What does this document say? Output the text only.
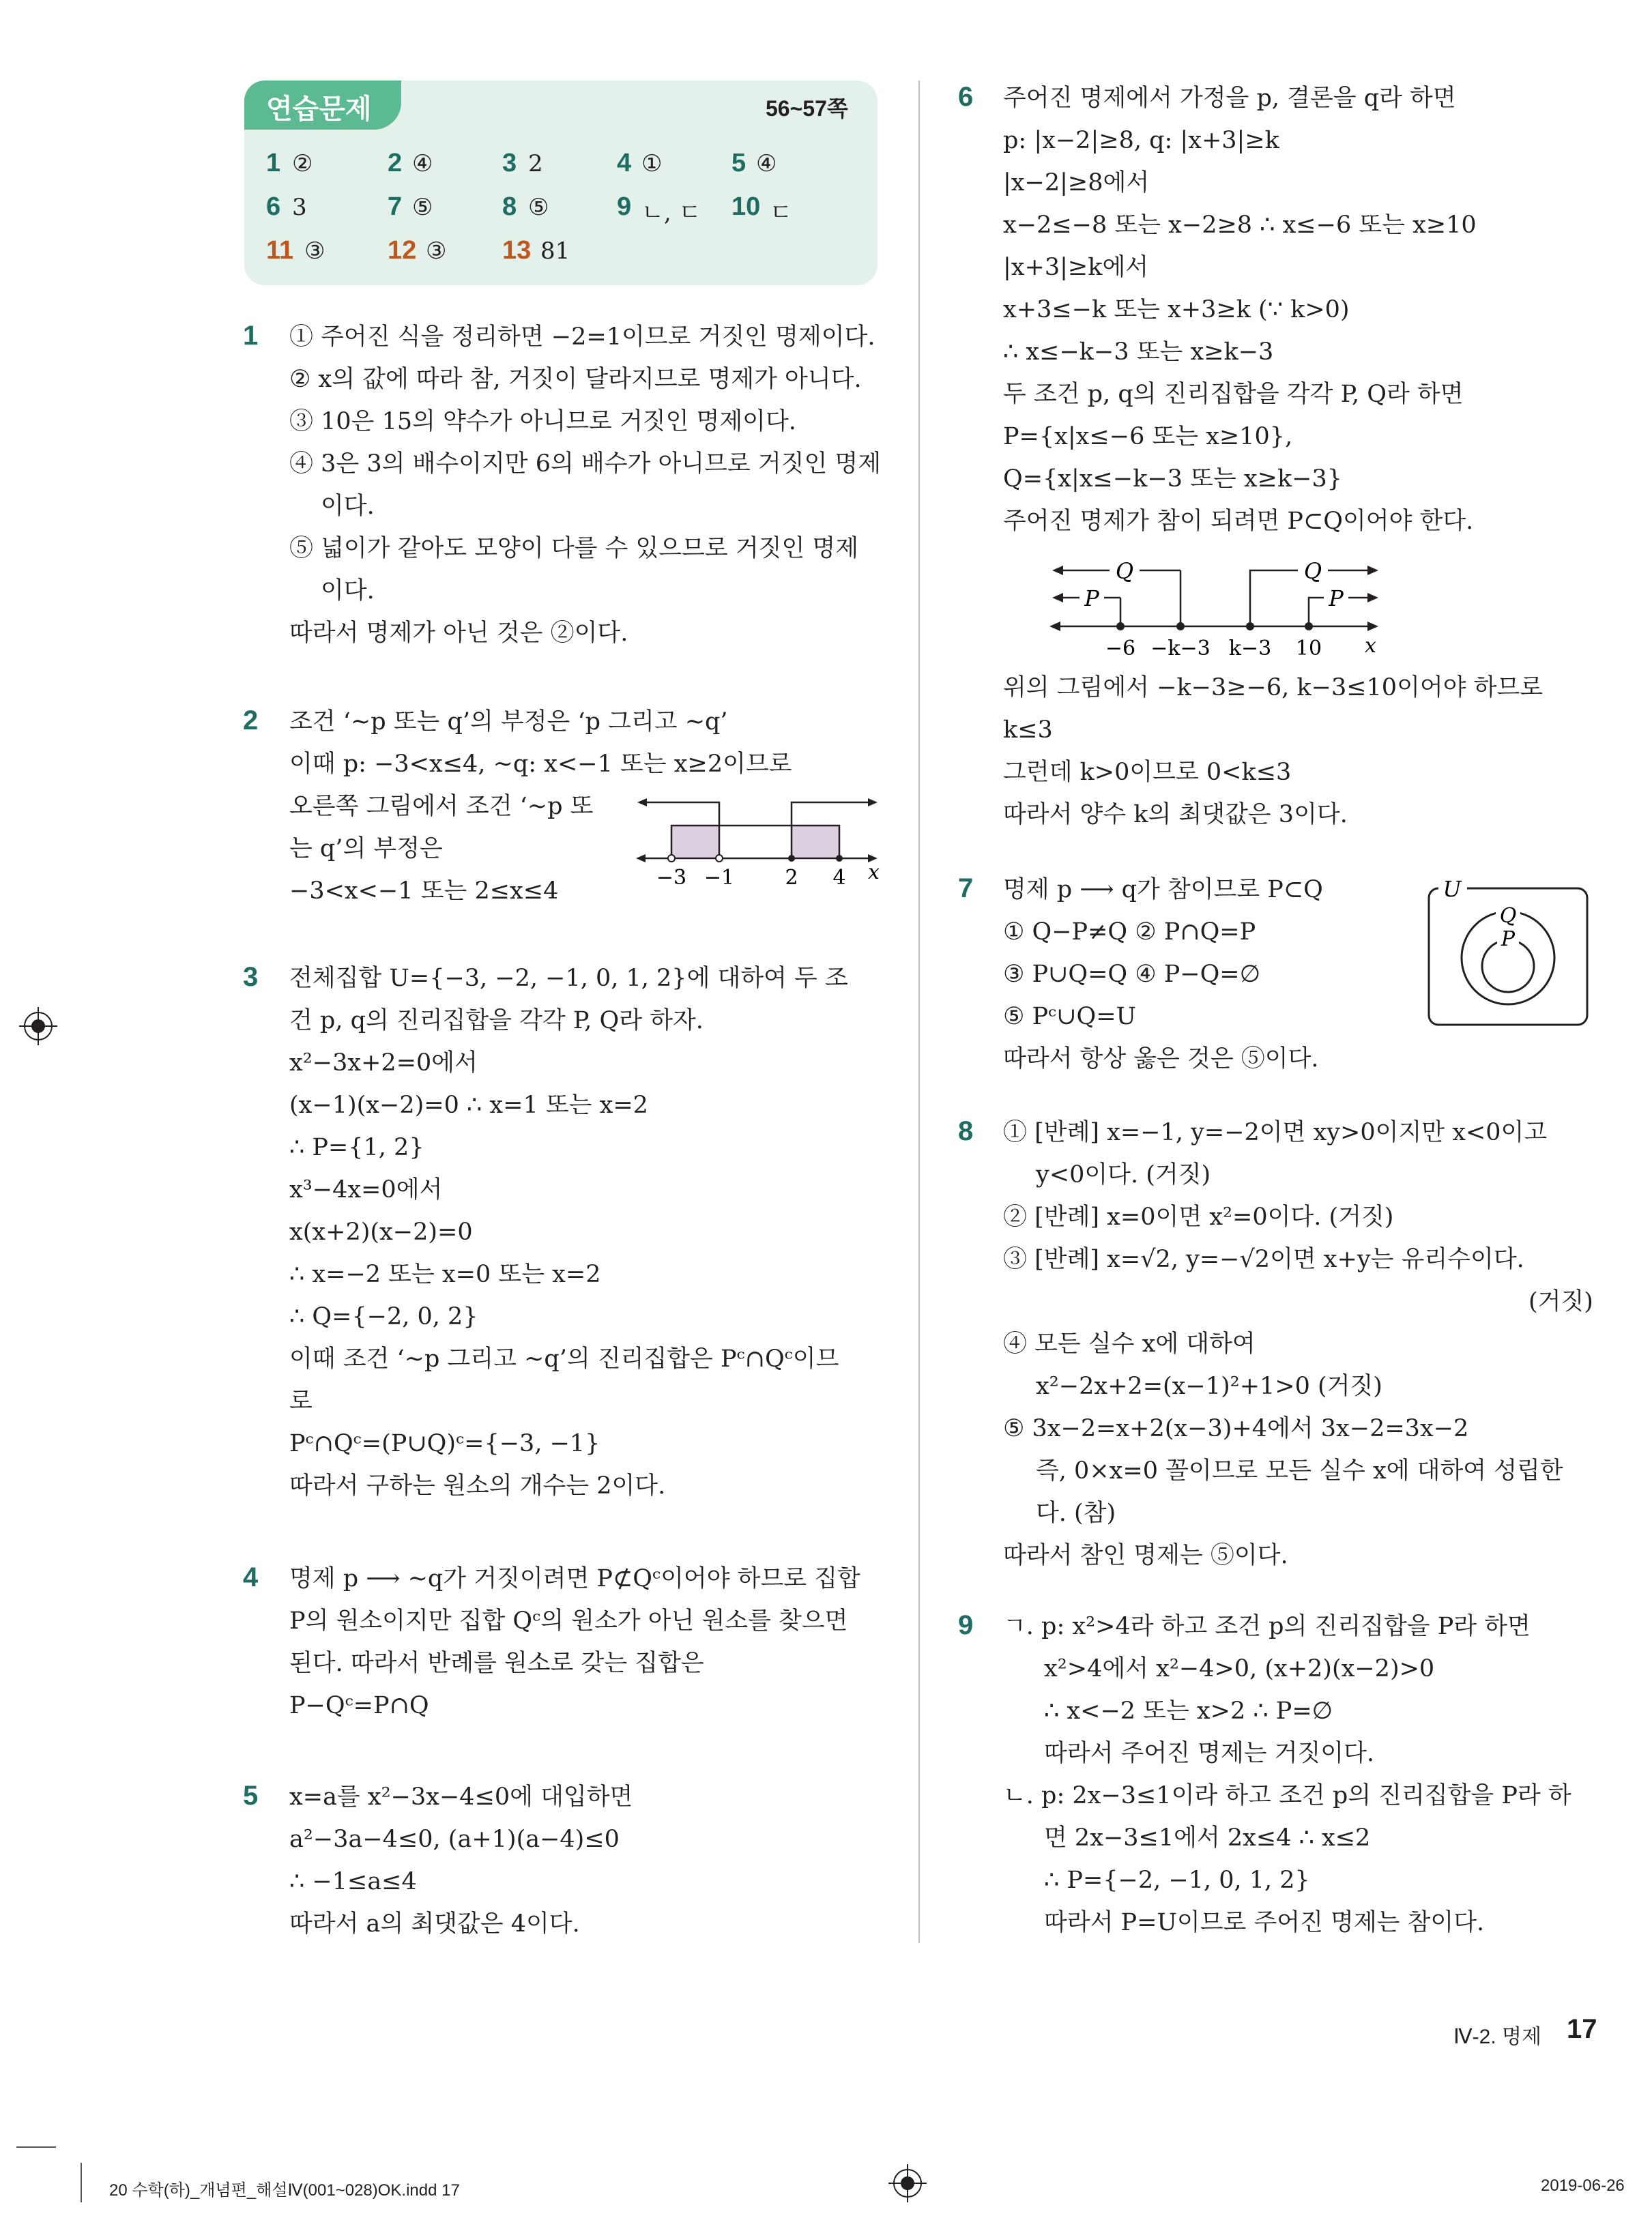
연습문제	56~57쪽
1 ②	2 ④	3 2	4 ①	5 ④
6 3	7 ⑤	8 ⑤	9 ㄴ, ㄷ 10 ㄷ
11 ③ 12 ③ 13 81
1 ① 주어진 식을 정리하면 −2=1이므로 거짓인 명제이다.
② x의 값에 따라 참, 거짓이 달라지므로 명제가 아니다.
③ 10은 15의 약수가 아니므로 거짓인 명제이다.
④ 3은 3의 배수이지만 6의 배수가 아니므로 거짓인 명제
이다.
⑤ 넓이가 같아도 모양이 다를 수 있으므로 거짓인 명제
이다.
따라서 명제가 아닌 것은 ②이다.
2 조건 ‘~p 또는 q’의 부정은 ‘p 그리고 ~q’
이때 p: −3<x≤4, ~q: x<−1 또는 x≥2이므로
오른쪽 그림에서 조건 ‘~p 또
는 q’의 부정은
−3<x<−1 또는 2≤x≤4	−3 −1 2 4 x
3 전체집합 U={−3, −2, −1, 0, 1, 2}에 대하여 두 조
건 p, q의 진리집합을 각각 P, Q라 하자.
x²−3x+2=0에서
(x−1)(x−2)=0 ∴ x=1 또는 x=2
∴ P={1, 2}
x³−4x=0에서
x(x+2)(x−2)=0
∴ x=−2 또는 x=0 또는 x=2
∴ Q={−2, 0, 2}
이때 조건 ‘~p 그리고 ~q’의 진리집합은 Pᶜ∩Qᶜ이므
로
Pᶜ∩Qᶜ=(P∪Q)ᶜ={−3, −1}
따라서 구하는 원소의 개수는 2이다.
4 명제 p ⟶ ~q가 거짓이려면 P⊄Qᶜ이어야 하므로 집합
P의 원소이지만 집합 Qᶜ의 원소가 아닌 원소를 찾으면
된다. 따라서 반례를 원소로 갖는 집합은
P−Qᶜ=P∩Q
5 x=a를 x²−3x−4≤0에 대입하면
a²−3a−4≤0, (a+1)(a−4)≤0
∴ −1≤a≤4
따라서 a의 최댓값은 4이다.
6 주어진 명제에서 가정을 p, 결론을 q라 하면
p: |x−2|≥8, q: |x+3|≥k
|x−2|≥8에서
x−2≤−8 또는 x−2≥8 ∴ x≤−6 또는 x≥10
|x+3|≥k에서
x+3≤−k 또는 x+3≥k (∵ k>0)
∴ x≤−k−3 또는 x≥k−3
두 조건 p, q의 진리집합을 각각 P, Q라 하면
P={x|x≤−6 또는 x≥10},
Q={x|x≤−k−3 또는 x≥k−3}
주어진 명제가 참이 되려면 P⊂Q이어야 한다.
Q	Q
P	P
−6 −k−3 k−3 10 x
위의 그림에서 −k−3≥−6, k−3≤10이어야 하므로
k≤3
그런데 k>0이므로 0<k≤3
따라서 양수 k의 최댓값은 3이다.
7 명제 p ⟶ q가 참이므로 P⊂Q
① Q−P≠Q ② P∩Q=P
③ P∪Q=Q ④ P−Q=∅
⑤ Pᶜ∪Q=U
따라서 항상 옳은 것은 ⑤이다.
U
Q
P
8 ① [반례] x=−1, y=−2이면 xy>0이지만 x<0이고
y<0이다. (거짓)
② [반례] x=0이면 x²=0이다. (거짓)
③ [반례] x=√2, y=−√2이면 x+y는 유리수이다.
(거짓)
④ 모든 실수 x에 대하여
x²−2x+2=(x−1)²+1>0 (거짓)
⑤ 3x−2=x+2(x−3)+4에서 3x−2=3x−2
즉, 0×x=0 꼴이므로 모든 실수 x에 대하여 성립한
다. (참)
따라서 참인 명제는 ⑤이다.
9 ㄱ. p: x²>4라 하고 조건 p의 진리집합을 P라 하면
x²>4에서 x²−4>0, (x+2)(x−2)>0
∴ x<−2 또는 x>2 ∴ P=∅
따라서 주어진 명제는 거짓이다.
ㄴ. p: 2x−3≤1이라 하고 조건 p의 진리집합을 P라 하
면 2x−3≤1에서 2x≤4 ∴ x≤2
∴ P={−2, −1, 0, 1, 2}
따라서 P=U이므로 주어진 명제는 참이다.
Ⅳ-2. 명제 17
20 수학(하)_개념편_해설Ⅳ(001~028)OK.indd 17	2019-06-26
